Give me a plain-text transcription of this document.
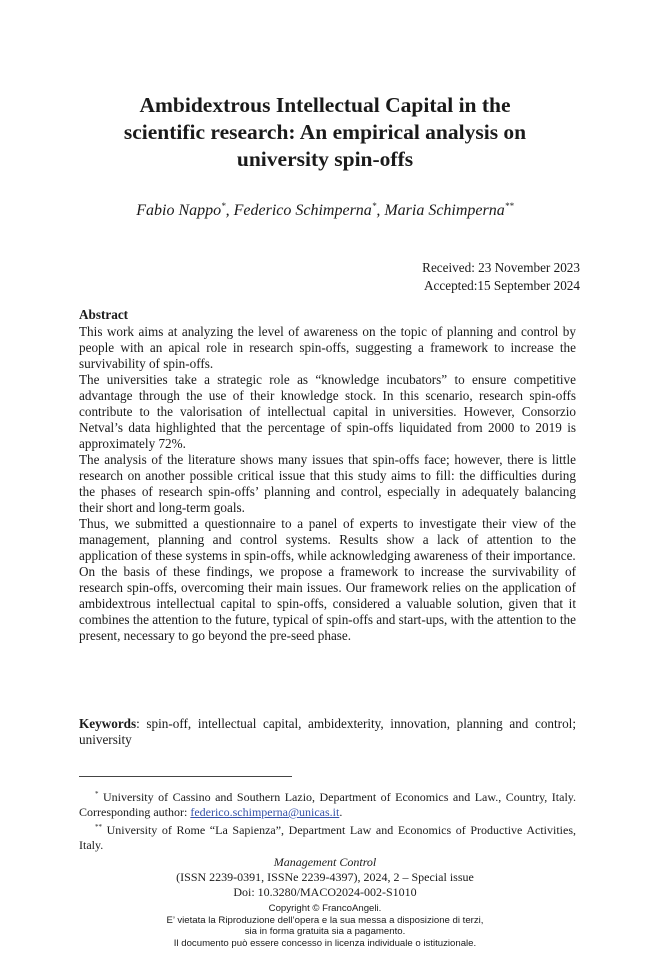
Ambidextrous Intellectual Capital in the
scientific research: An empirical analysis on
university spin-offs
Fabio Nappo*, Federico Schimperna*, Maria Schimperna**
Received: 23 November 2023
Accepted:15 September 2024
Abstract

This work aims at analyzing the level of awareness on the topic of planning and control by people with an apical role in research spin-offs, suggesting a framework to increase the survivability of spin-offs.

The universities take a strategic role as “knowledge incubators” to ensure competitive advantage through the use of their knowledge stock. In this scenario, research spin-offs contribute to the valorisation of intellectual capital in universities. However, Consorzio Netval’s data highlighted that the percentage of spin-offs liquidated from 2000 to 2019 is approximately 72%.

The analysis of the literature shows many issues that spin-offs face; however, there is little research on another possible critical issue that this study aims to fill: the difficulties during the phases of research spin-offs’ planning and control, especially in adequately balancing their short and long-term goals.

Thus, we submitted a questionnaire to a panel of experts to investigate their view of the management, planning and control systems. Results show a lack of attention to the application of these systems in spin-offs, while acknowledging awareness of their importance.

On the basis of these findings, we propose a framework to increase the survivability of research spin-offs, overcoming their main issues. Our framework relies on the application of ambidextrous intellectual capital to spin-offs, considered a valuable solution, given that it combines the attention to the future, typical of spin-offs and start-ups, with the attention to the present, necessary to go beyond the pre-seed phase.

Keywords: spin-off, intellectual capital, ambidexterity, innovation, planning and control; university

* University of Cassino and Southern Lazio, Department of Economics and Law., Country, Italy. Corresponding author: federico.schimperna@unicas.it.

** University of Rome “La Sapienza”, Department Law and Economics of Productive Activities, Italy.

Management Control
(ISSN 2239-0391, ISSNe 2239-4397), 2024, 2 – Special issue
Doi: 10.3280/MACO2024-002-S1010
Copyright © FrancoAngeli.
E’ vietata la Riproduzione dell’opera e la sua messa a disposizione di terzi,
sia in forma gratuita sia a pagamento.
Il documento può essere concesso in licenza individuale o istituzionale.
